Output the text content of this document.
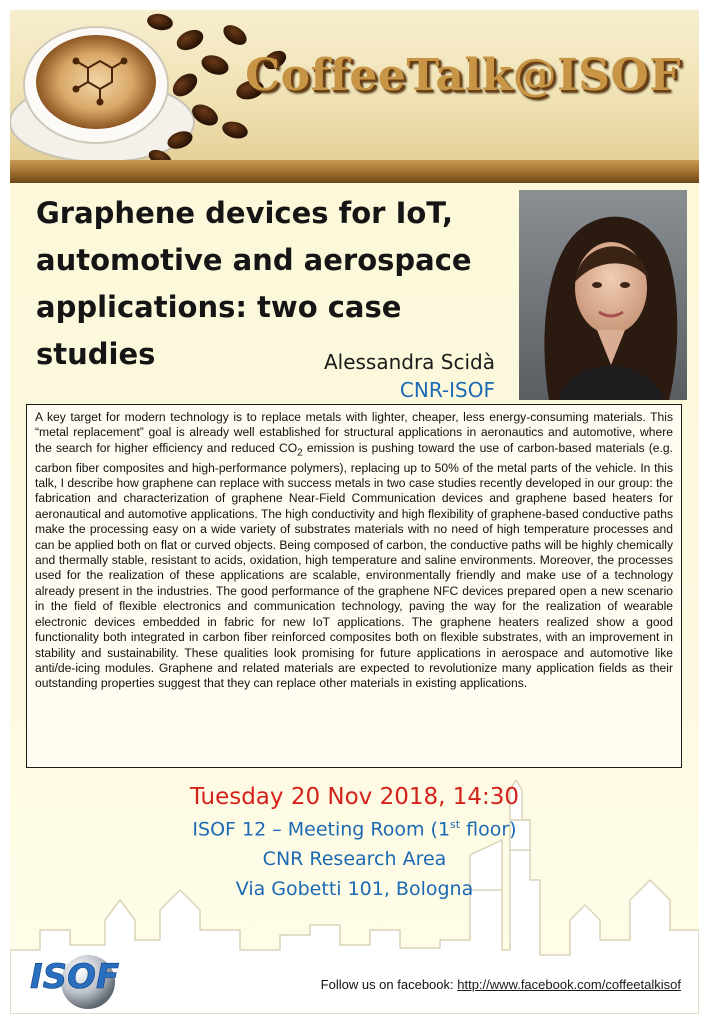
CoffeeTalk@ISOF
Graphene devices for IoT,
automotive and aerospace
applications: two case studies	Alessandra Scidà
CNR-ISOF

A key target for modern technology is to replace metals with lighter, cheaper, less energy-consuming materials. This “metal replacement” goal is already well established for structural applications in aeronautics and automotive, where the search for higher efficiency and reduced $CO_2$ emission is pushing toward the use of carbon-based materials (e.g. carbon fiber composites and high-performance polymers), replacing up to 50% of the metal parts of the vehicle. In this talk, I describe how graphene can replace with success metals in two case studies recently developed in our group: the fabrication and characterization of graphene Near-Field Communication devices and graphene based heaters for aeronautical and automotive applications. The high conductivity and high flexibility of graphene-based conductive paths make the processing easy on a wide variety of substrates materials with no need of high temperature processes and can be applied both on flat or curved objects. Being composed of carbon, the conductive paths will be highly chemically and thermally stable, resistant to acids, oxidation, high temperature and saline environments. Moreover, the processes used for the realization of these applications are scalable, environmentally friendly and make use of a technology already present in the industries. The good performance of the graphene NFC devices prepared open a new scenario in the field of flexible electronics and communication technology, paving the way for the realization of wearable electronic devices embedded in fabric for new IoT applications. The graphene heaters realized show a good functionality both integrated in carbon fiber reinforced composites both on flexible substrates, with an improvement in stability and sustainability. These qualities look promising for future applications in aerospace and automotive like anti/de-icing modules. Graphene and related materials are expected to revolutionize many application fields as their outstanding properties suggest that they can replace other materials in existing applications.

Tuesday 20 Nov 2018, 14:30
ISOF 12 – Meeting Room (1st floor)
CNR Research Area
Via Gobetti 101, Bologna
ISOF	Follow us on facebook: http://www.facebook.com/coffeetalkisof
